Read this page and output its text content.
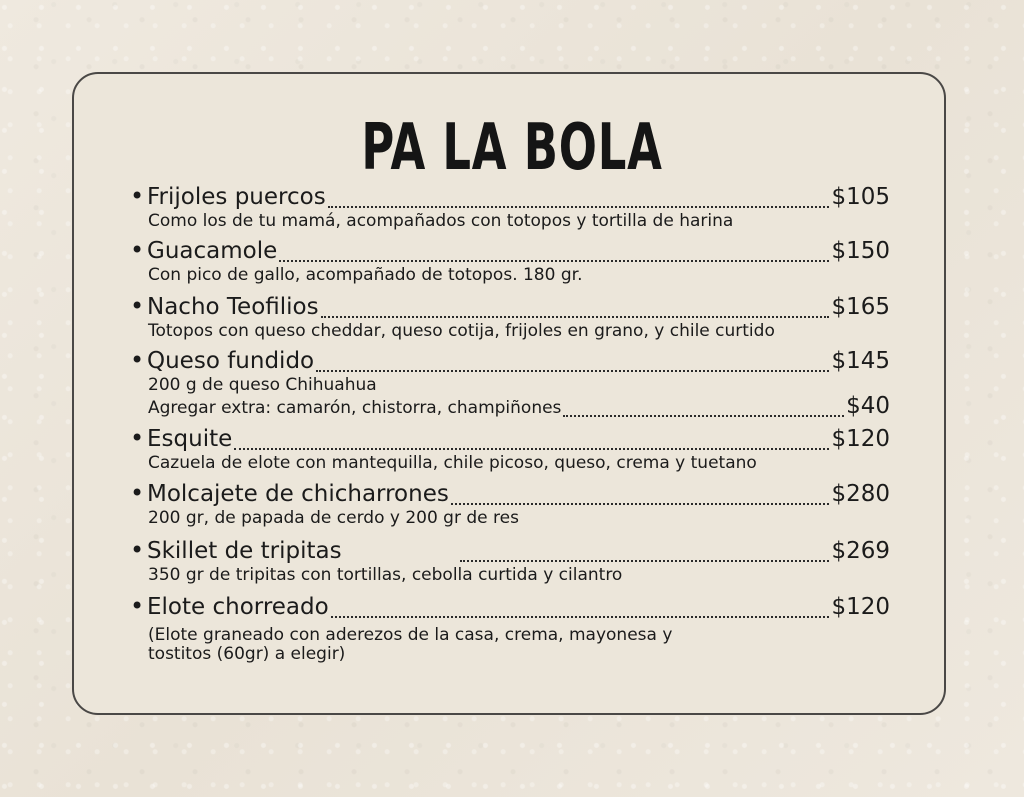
PA LA BOLA
• Frijoles puercos	$105

Como los de tu mamá, acompañados con totopos y tortilla de harina

• Guacamole	$150

Con pico de gallo, acompañado de totopos. 180 gr.

• Nacho Teofilios	$165

Totopos con queso cheddar, queso cotija, frijoles en grano, y chile curtido

• Queso fundido	$145

200 g de queso Chihuahua

Agregar extra: camarón, chistorra, champiñones	$40
• Esquite	$120

Cazuela de elote con mantequilla, chile picoso, queso, crema y tuetano

• Molcajete de chicharrones	$280

200 gr, de papada de cerdo y 200 gr de res

• Skillet de tripitas	$269

350 gr de tripitas con tortillas, cebolla curtida y cilantro

• Elote chorreado	$120

(Elote graneado con aderezos de la casa, crema, mayonesa y

tostitos (60gr) a elegir)
